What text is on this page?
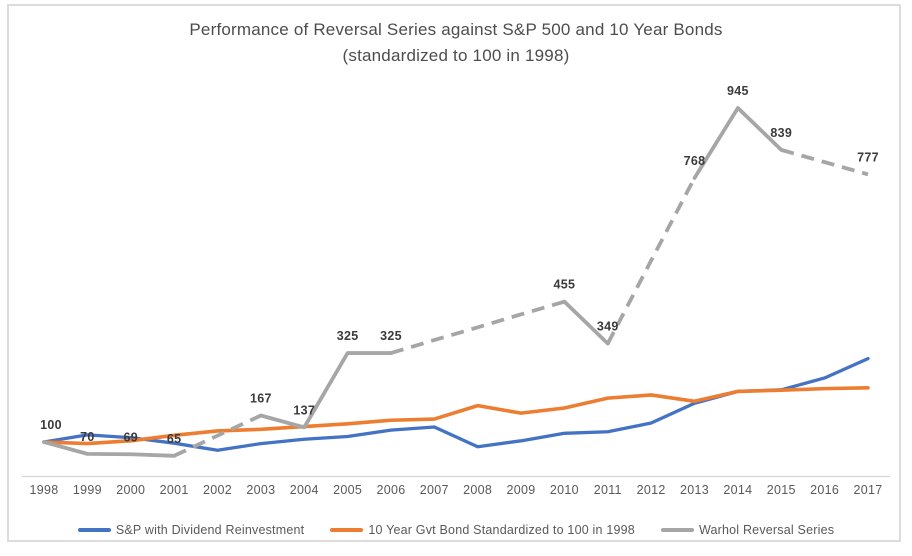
Performance of Reversal Series against S&P 500 and 10 Year Bonds
(standardized to 100 in 1998)
1998 1999 2000 2001 2002 2003 2004 2005 2006 2007 2008 2009 2010 2011 2012 2013 2014 2015 2016 2017
100
70 69 65
167
137
325 325
455
349
768
945
839
777
S&P with Dividend Reinvestment	10 Year Gvt Bond Standardized to 100 in 1998	Warhol Reversal Series
